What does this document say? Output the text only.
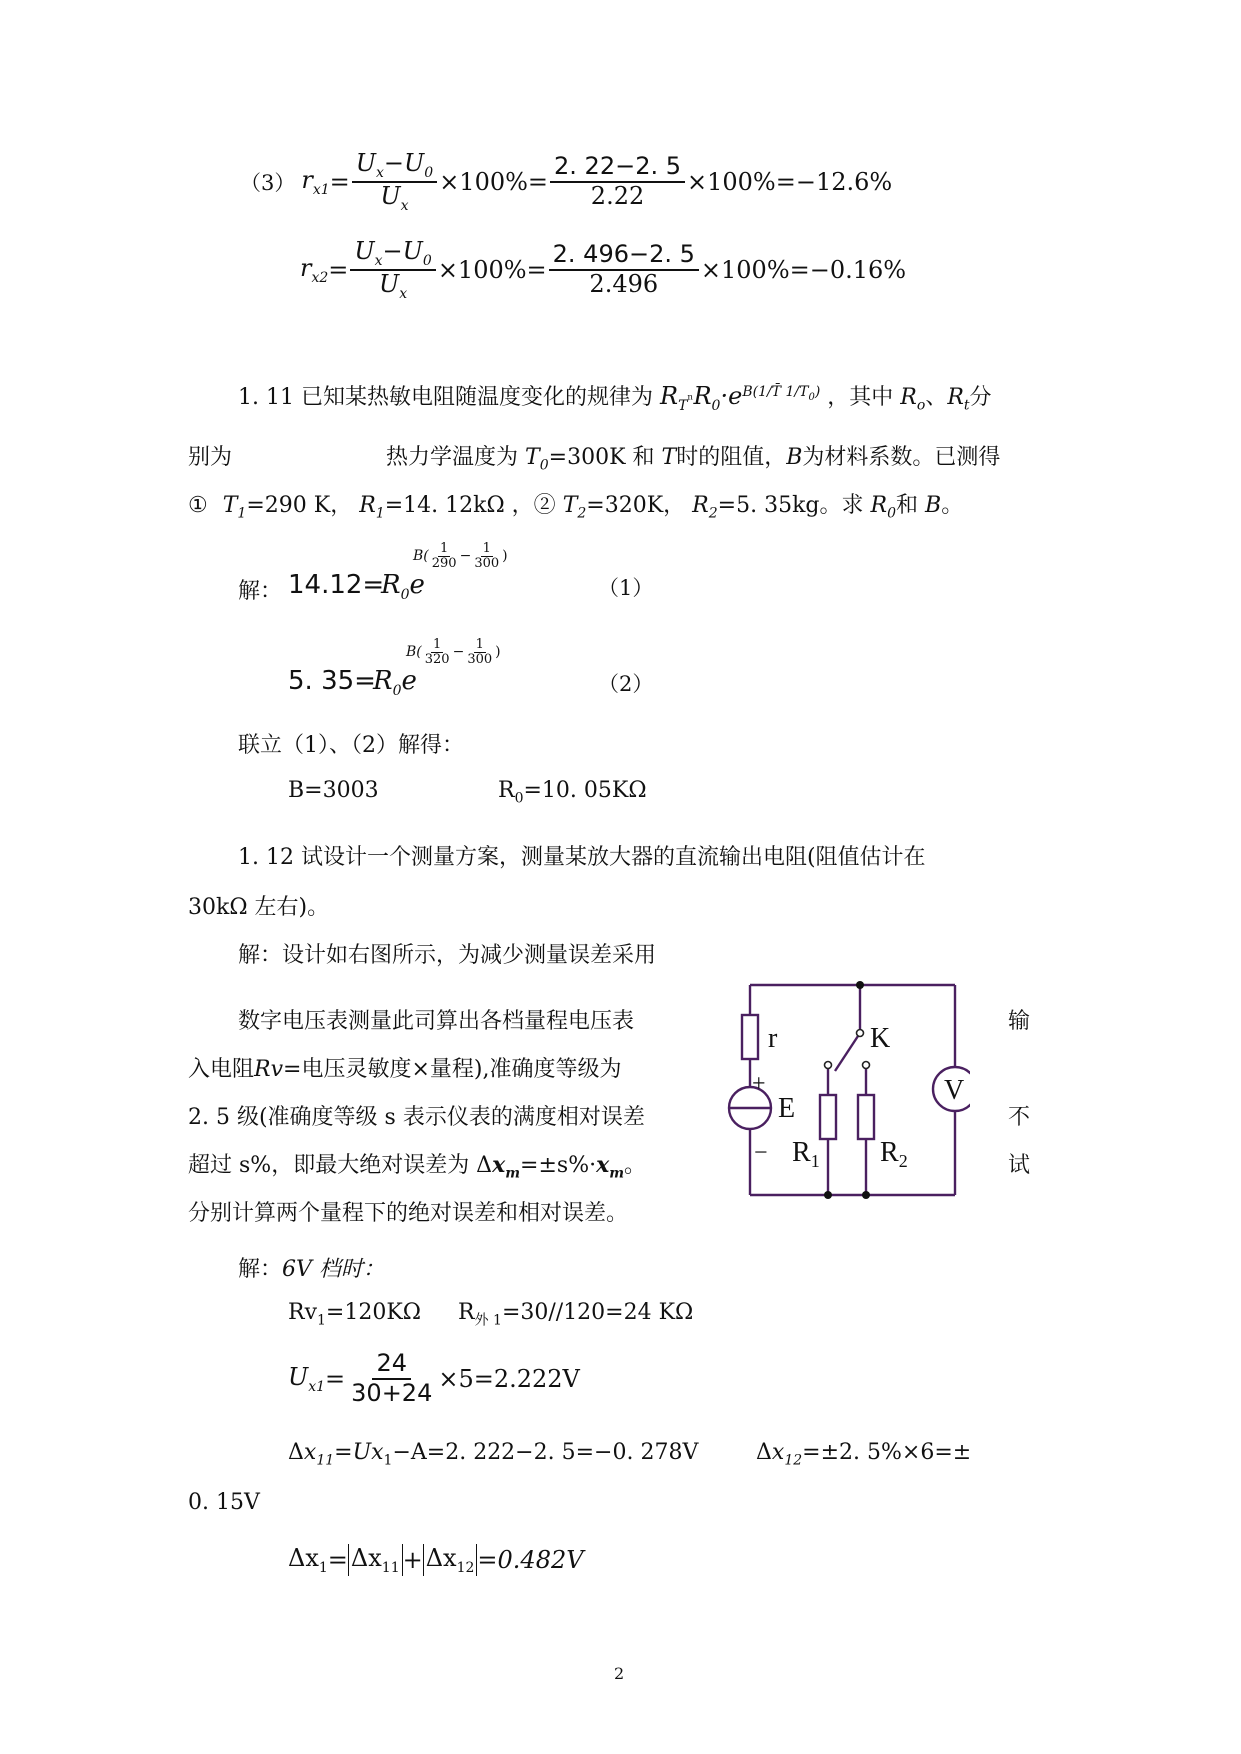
（3） $r_{x1} = \frac{U_x-U_0}{U_x} \times 100\%= \frac{2. 22-2. 5}{2.22} \times 100\%=-12.6\%$
$r_{x2} = \frac{U_x-U_0}{U_x} \times 100\%= \frac{2. 496-2. 5}{2.496} \times 100\%=-0.16\%$
1. 11 已知某热敏电阻随温度变化的规律为 $R_T^nR_0\cdot e^{B(1/T̄ 1/T_0)}$ ，其中 $R_o$、$R_t$分
别为	热力学温度为 $T_0=300K$ 和 T时的阻值，B为材料系数。已测得
① $T_1=290$ K， $R_1=14$. 12kΩ ，② $T_2=320K$， $R_2=5$. 35kg。求 $R_0$和 B。
解： 14.12=
$R_0e$
$B( \frac{1}{290} - \frac{1}{300}$ )
（1）
5. 35=
$R_0e$
$B( \frac{1}{320} - \frac{1}{300}$ )
（2）
联立（1）、（2）解得：
B=3003	$R_0=10$. 05KΩ
1. 12 试设计一个测量方案，测量某放大器的直流输出电阻(阻值估计在
30kΩ 左右)。
解：设计如右图所示，为减少测量误差采用
数字电压表测量此司算出各档量程电压表	输
入电阻Rv=电压灵敏度×量程),准确度等级为
2. 5 级(准确度等级 s 表示仪表的满度相对误差	不
超过 s%，即最大绝对误差为 $\Delta x_m=\pm s\%\cdot x_m$。	试
分别计算两个量程下的绝对误差和相对误差。
r	K
+
E
V
− $R_1$ $R_2$
解：6V 档时：
$Rv_1=120K\Omega$ $R_{外 1}=30//120=24$ KΩ
$U_{x1} = \frac{24}{30+24} \times 5=2.222V$
$\Delta x_{11}=Ux_1-A=2$. 222−2. 5=−0. 278V	$\Delta x_{12}=\pm 2$. 5%×6=±
0. 15V
$\Delta x_1 = \Delta x_{11} + \Delta x_{12} =0.482V$
2
